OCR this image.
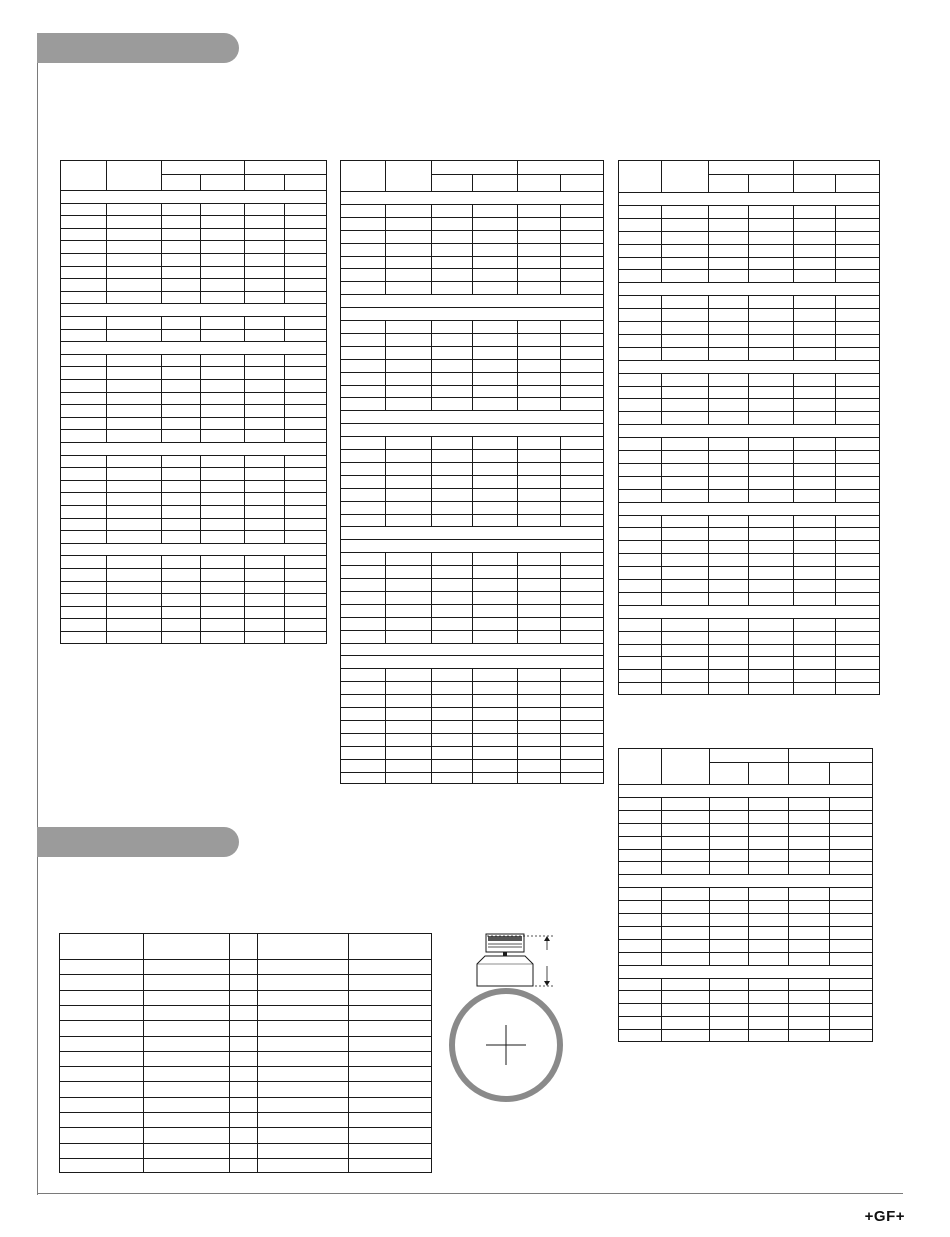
+GF+
